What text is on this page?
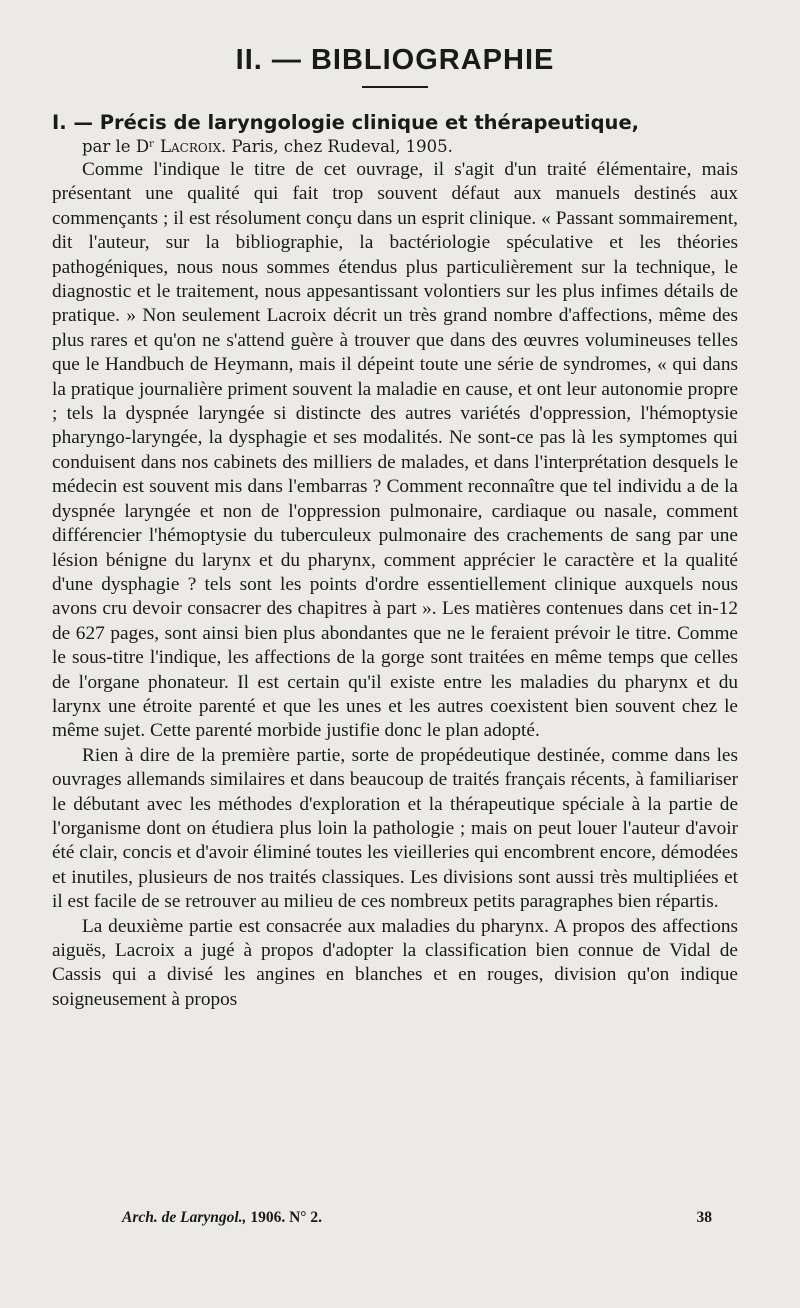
II. — BIBLIOGRAPHIE

I. — Précis de laryngologie clinique et thérapeutique,

par le Dʳ Lacroix. Paris, chez Rudeval, 1905.

Comme l'indique le titre de cet ouvrage, il s'agit d'un traité élémentaire, mais présentant une qualité qui fait trop souvent défaut aux manuels destinés aux commençants ; il est résolument conçu dans un esprit clinique. « Passant sommairement, dit l'auteur, sur la bibliographie, la bactériologie spéculative et les théories pathogéniques, nous nous sommes étendus plus particulièrement sur la technique, le diagnostic et le traitement, nous appesantissant volontiers sur les plus infimes détails de pratique. » Non seulement Lacroix décrit un très grand nombre d'affections, même des plus rares et qu'on ne s'attend guère à trouver que dans des œuvres volumineuses telles que le Handbuch de Heymann, mais il dépeint toute une série de syndromes, « qui dans la pratique journalière priment souvent la maladie en cause, et ont leur autonomie propre ; tels la dyspnée laryngée si distincte des autres variétés d'oppression, l'hémoptysie pharyngo-laryngée, la dysphagie et ses modalités. Ne sont-ce pas là les symptomes qui conduisent dans nos cabinets des milliers de malades, et dans l'interprétation desquels le médecin est souvent mis dans l'embarras ? Comment reconnaître que tel individu a de la dyspnée laryngée et non de l'oppression pulmonaire, cardiaque ou nasale, comment différencier l'hémoptysie du tuberculeux pulmonaire des crachements de sang par une lésion bénigne du larynx et du pharynx, comment apprécier le caractère et la qualité d'une dysphagie ? tels sont les points d'ordre essentiellement clinique auxquels nous avons cru devoir consacrer des chapitres à part ». Les matières contenues dans cet in-12 de 627 pages, sont ainsi bien plus abondantes que ne le feraient prévoir le titre. Comme le sous-titre l'indique, les affections de la gorge sont traitées en même temps que celles de l'organe phonateur. Il est certain qu'il existe entre les maladies du pharynx et du larynx une étroite parenté et que les unes et les autres coexistent bien souvent chez le même sujet. Cette parenté morbide justifie donc le plan adopté.

Rien à dire de la première partie, sorte de propédeutique destinée, comme dans les ouvrages allemands similaires et dans beaucoup de traités français récents, à familiariser le débutant avec les méthodes d'exploration et la thérapeutique spéciale à la partie de l'organisme dont on étudiera plus loin la pathologie ; mais on peut louer l'auteur d'avoir été clair, concis et d'avoir éliminé toutes les vieilleries qui encombrent encore, démodées et inutiles, plusieurs de nos traités classiques. Les divisions sont aussi très multipliées et il est facile de se retrouver au milieu de ces nombreux petits paragraphes bien répartis.

La deuxième partie est consacrée aux maladies du pharynx. A propos des affections aiguës, Lacroix a jugé à propos d'adopter la classification bien connue de Vidal de Cassis qui a divisé les angines en blanches et en rouges, division qu'on indique soigneusement à propos

Arch. de Laryngol., 1906. N° 2.	38
